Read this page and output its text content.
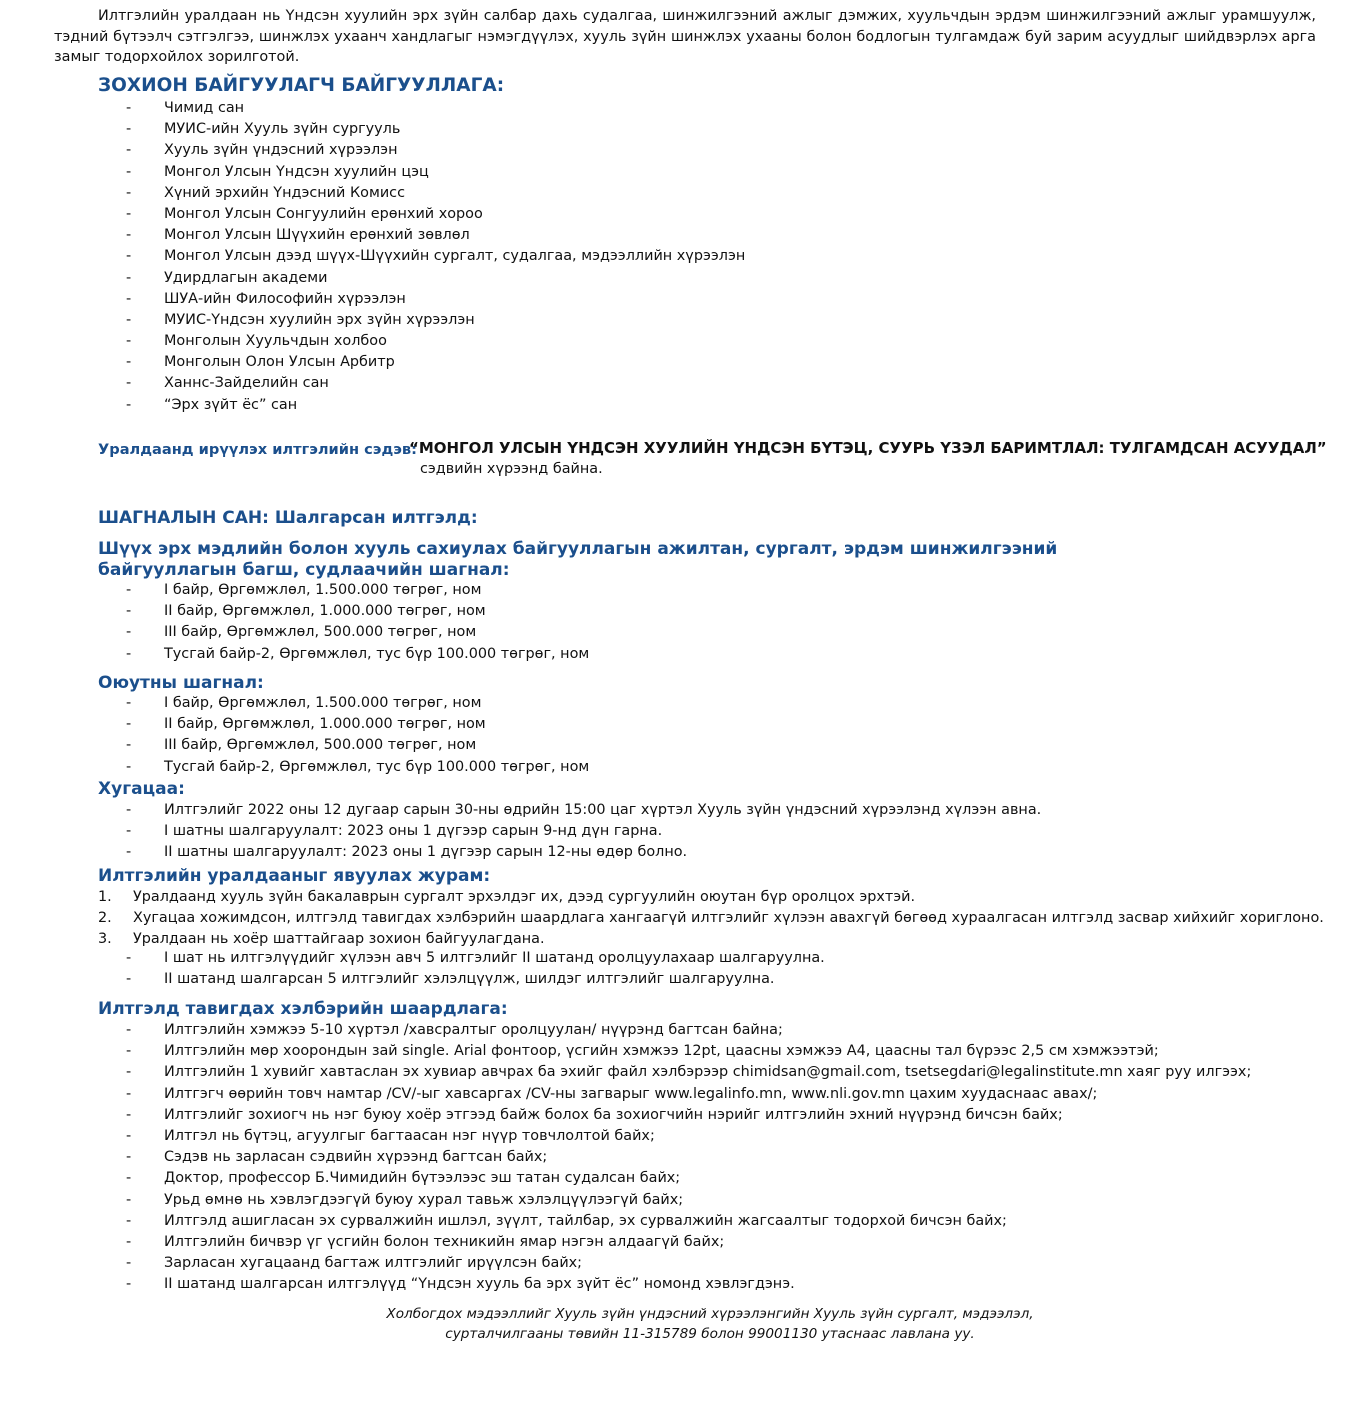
Илтгэлийн уралдаан нь Үндсэн хуулийн эрх зүйн салбар дахь судалгаа, шинжилгээний ажлыг дэмжих, хуульчдын эрдэм шинжилгээний ажлыг урамшуулж, тэдний бүтээлч сэтгэлгээ, шинжлэх ухаанч хандлагыг нэмэгдүүлэх, хууль зүйн шинжлэх ухааны болон бодлогын тулгамдаж буй зарим асуудлыг шийдвэрлэх арга замыг тодорхойлох зорилготой.

ЗОХИОН БАЙГУУЛАГЧ БАЙГУУЛЛАГА:
- Чимид сан
- МУИС-ийн Хууль зүйн сургууль
- Хууль зүйн үндэсний хүрээлэн
- Монгол Улсын Үндсэн хуулийн цэц
- Хүний эрхийн Үндэсний Комисс
- Монгол Улсын Сонгуулийн ерөнхий хороо
- Монгол Улсын Шүүхийн ерөнхий зөвлөл
- Монгол Улсын дээд шүүх-Шүүхийн сургалт, судалгаа, мэдээллийн хүрээлэн
- Удирдлагын академи
- ШУА-ийн Философийн хүрээлэн
- МУИС-Үндсэн хуулийн эрх зүйн хүрээлэн
- Монголын Хуульчдын холбоо
- Монголын Олон Улсын Арбитр
- Ханнс-Зайделийн сан
- “Эрх зүйт ёс” сан
Уралдаанд ирүүлэх илтгэлийн сэдэв:
“МОНГОЛ УЛСЫН ҮНДСЭН ХУУЛИЙН ҮНДСЭН БҮТЭЦ, СУУРЬ ҮЗЭЛ БАРИМТЛАЛ: ТУЛГАМДСАН АСУУДАЛ”
сэдвийн хүрээнд байна.
ШАГНАЛЫН САН: Шалгарсан илтгэлд:
Шүүх эрх мэдлийн болон хууль сахиулах байгууллагын ажилтан, сургалт, эрдэм шинжилгээний
байгууллагын багш, судлаачийн шагнал:
- I байр, Өргөмжлөл, 1.500.000 төгрөг, ном
- II байр, Өргөмжлөл, 1.000.000 төгрөг, ном
- III байр, Өргөмжлөл, 500.000 төгрөг, ном
- Тусгай байр-2, Өргөмжлөл, тус бүр 100.000 төгрөг, ном
Оюутны шагнал:
- I байр, Өргөмжлөл, 1.500.000 төгрөг, ном
- II байр, Өргөмжлөл, 1.000.000 төгрөг, ном
- III байр, Өргөмжлөл, 500.000 төгрөг, ном
- Тусгай байр-2, Өргөмжлөл, тус бүр 100.000 төгрөг, ном
Хугацаа:
- Илтгэлийг 2022 оны 12 дугаар сарын 30-ны өдрийн 15:00 цаг хүртэл Хууль зүйн үндэсний хүрээлэнд хүлээн авна.
- I шатны шалгаруулалт: 2023 оны 1 дүгээр сарын 9-нд дүн гарна.
- II шатны шалгаруулалт: 2023 оны 1 дүгээр сарын 12-ны өдөр болно.
Илтгэлийн уралдааныг явуулах журам:
1. Уралдаанд хууль зүйн бакалаврын сургалт эрхэлдэг их, дээд сургуулийн оюутан бүр оролцох эрхтэй.
2. Хугацаа хожимдсон, илтгэлд тавигдах хэлбэрийн шаардлага хангаагүй илтгэлийг хүлээн авахгүй бөгөөд хураалгасан илтгэлд засвар хийхийг хориглоно.
3. Уралдаан нь хоёр шаттайгаар зохион байгуулагдана.
- I шат нь илтгэлүүдийг хүлээн авч 5 илтгэлийг II шатанд оролцуулахаар шалгаруулна.
- II шатанд шалгарсан 5 илтгэлийг хэлэлцүүлж, шилдэг илтгэлийг шалгаруулна.
Илтгэлд тавигдах хэлбэрийн шаардлага:
- Илтгэлийн хэмжээ 5-10 хүртэл /хавсралтыг оролцуулан/ нүүрэнд багтсан байна;
- Илтгэлийн мөр хоорондын зай single. Arial фонтоор, үсгийн хэмжээ 12pt, цаасны хэмжээ A4, цаасны тал бүрээс 2,5 см хэмжээтэй;
- Илтгэлийн 1 хувийг хавтаслан эх хувиар авчрах ба эхийг файл хэлбэрээр chimidsan@gmail.com, tsetsegdari@legalinstitute.mn хаяг руу илгээх;
- Илтгэгч өөрийн товч намтар /CV/-ыг хавсаргах /CV-ны загварыг www.legalinfo.mn, www.nli.gov.mn цахим хуудаснаас авах/;
- Илтгэлийг зохиогч нь нэг буюу хоёр этгээд байж болох ба зохиогчийн нэрийг илтгэлийн эхний нүүрэнд бичсэн байх;
- Илтгэл нь бүтэц, агуулгыг багтаасан нэг нүүр товчлолтой байх;
- Сэдэв нь зарласан сэдвийн хүрээнд багтсан байх;
- Доктор, профессор Б.Чимидийн бүтээлээс эш татан судалсан байх;
- Урьд өмнө нь хэвлэгдээгүй буюу хурал тавьж хэлэлцүүлээгүй байх;
- Илтгэлд ашигласан эх сурвалжийн ишлэл, зүүлт, тайлбар, эх сурвалжийн жагсаалтыг тодорхой бичсэн байх;
- Илтгэлийн бичвэр үг үсгийн болон техникийн ямар нэгэн алдаагүй байх;
- Зарласан хугацаанд багтаж илтгэлийг ирүүлсэн байх;
- II шатанд шалгарсан илтгэлүүд “Үндсэн хууль ба эрх зүйт ёс” номонд хэвлэгдэнэ.
Холбогдох мэдээллийг Хууль зүйн үндэсний хүрээлэнгийн Хууль зүйн сургалт, мэдээлэл,
сурталчилгааны төвийн 11-315789 болон 99001130 утаснаас лавлана уу.
